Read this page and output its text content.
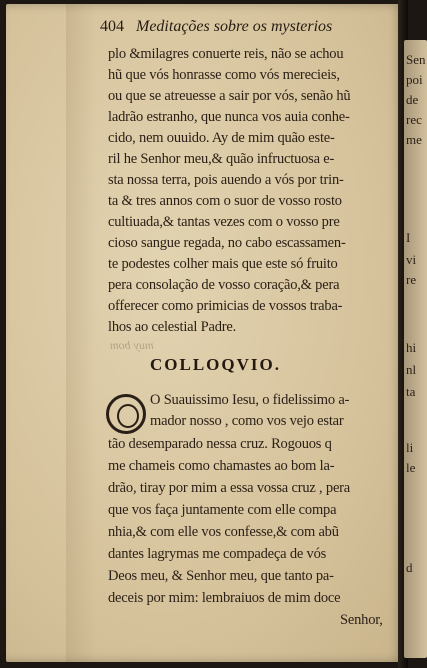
Sen
poi
de
rec
me
I
vi
re
hi
nl
ta
li
le
d
404 Meditações sobre os mysterios
plo &milagres conuerte reis, não se achou
hũ que vós honrasse como vós merecieis,
ou que se atreuesse a sair por vós, senão hũ
ladrão estranho, que nunca vos auia conhe-
cido, nem ouuido. Ay de mim quão este-
ril he Senhor meu,& quão infructuosa e-
sta nossa terra, pois auendo a vós por trin-
ta & tres annos com o suor de vosso rosto
cultiuada,& tantas vezes com o vosso pre
cioso sangue regada, no cabo escassamen-
te podestes colher mais que este só fruito
pera consolação de vosso coração,& pera
offerecer como primicias de vossos traba-
lhos ao celestial Padre.
muy bom
COLLOQVIO.
O Suauissimo Iesu, o fidelissimo a-
mador nosso , como vos vejo estar
tão desemparado nessa cruz. Rogouos q
me chameis como chamastes ao bom la-
drão, tiray por mim a essa vossa cruz , pera
que vos faça juntamente com elle compa
nhia,& com elle vos confesse,& com abũ
dantes lagrymas me compadeça de vós
Deos meu, & Senhor meu, que tanto pa-
deceis por mim: lembraiuos de mim doce
Senhor,
